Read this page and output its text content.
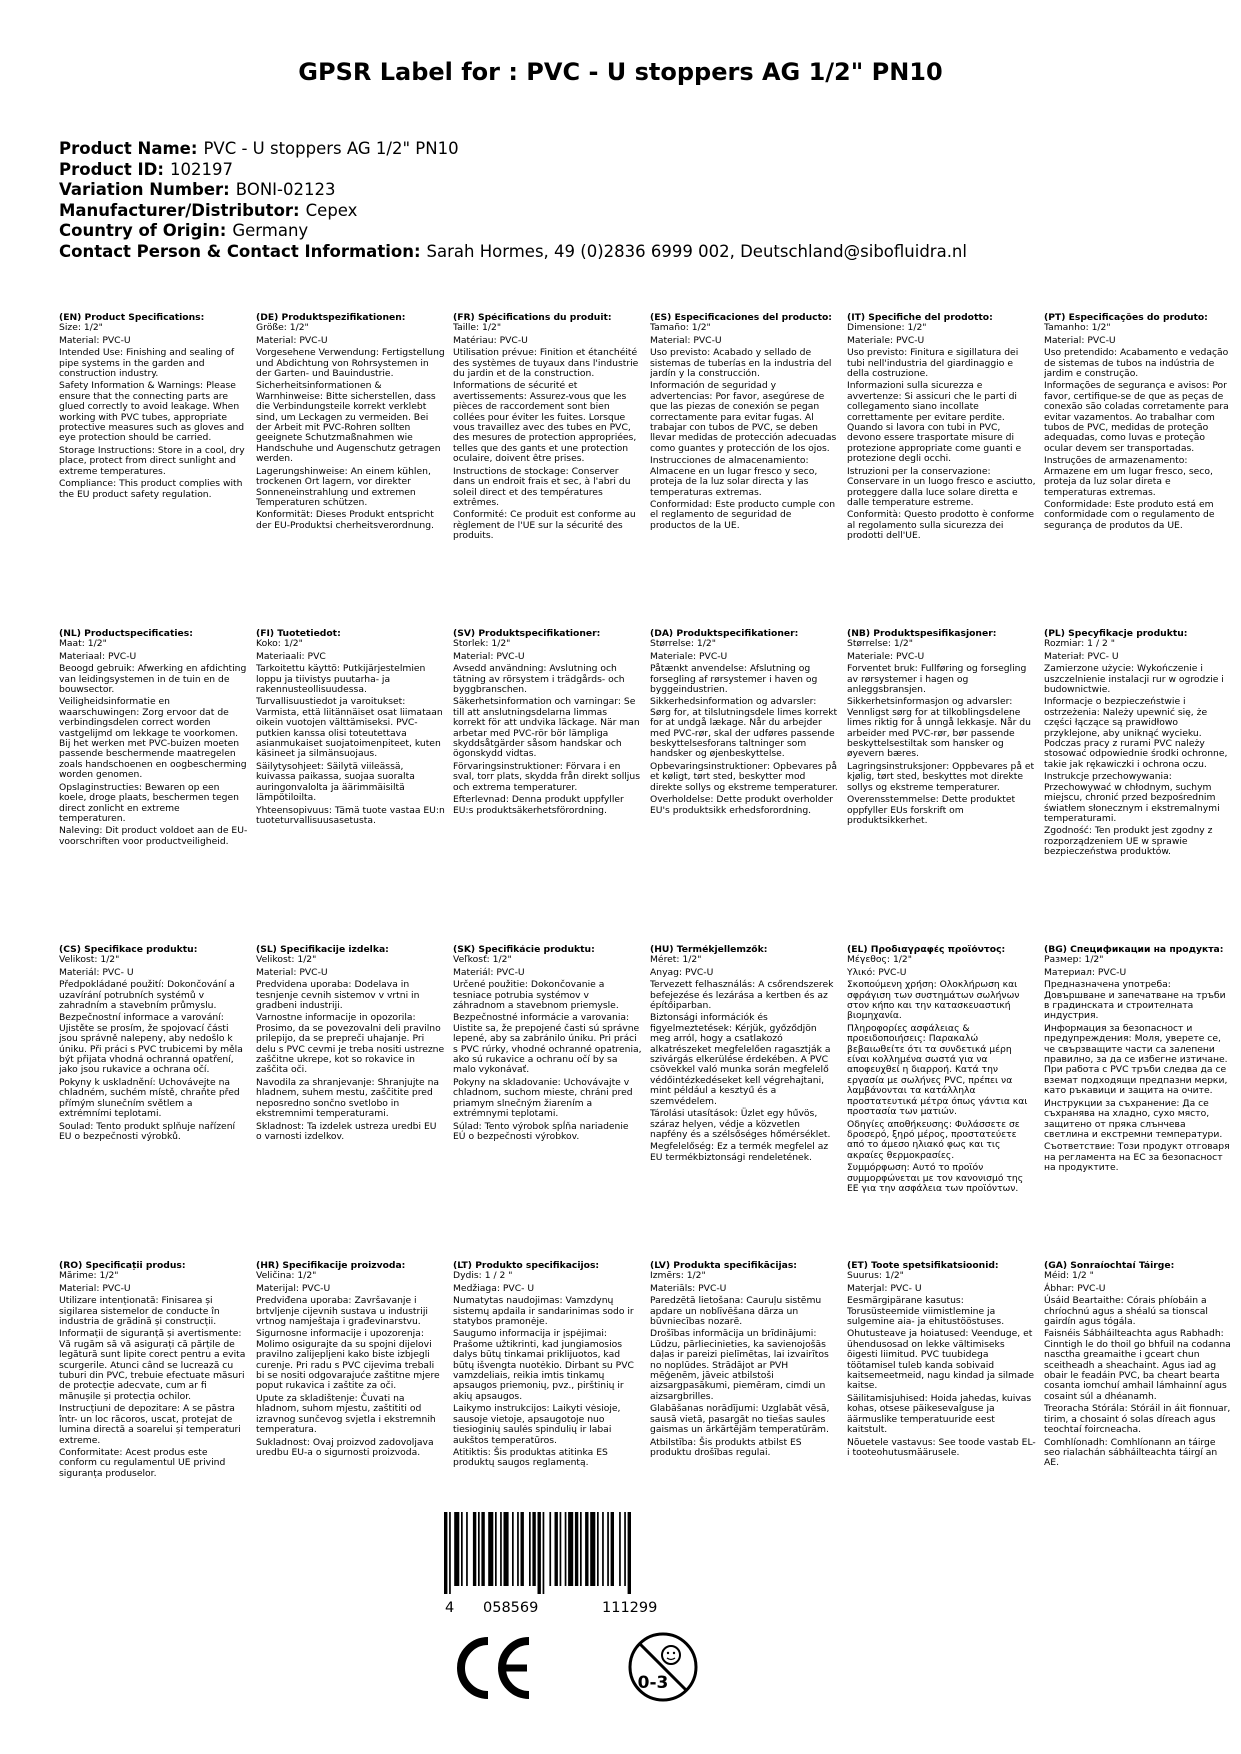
GPSR Label for : PVC - U stoppers AG 1/2" PN10
Product Name: PVC - U stoppers AG 1/2" PN10
Product ID: 102197
Variation Number: BONI-02123
Manufacturer/Distributor: Cepex
Country of Origin: Germany
Contact Person & Contact Information: Sarah Hormes, 49 (0)2836 6999 002, Deutschland@sibofluidra.nl
(EN) Product Specifications:

Size: 1/2"

Material: PVC-U

Intended Use: Finishing and sealing of pipe systems in the garden and construction industry.

Safety Information & Warnings: Please ensure that the connecting parts are glued correctly to avoid leakage. When working with PVC tubes, appropriate protective measures such as gloves and eye protection should be carried.

Storage Instructions: Store in a cool, dry place, protect from direct sunlight and extreme temperatures.

Compliance: This product complies with the EU product safety regulation.

(DE) Produktspezifikationen:

Größe: 1/2"

Material: PVC-U

Vorgesehene Verwendung: Fertigstellung und Abdichtung von Rohrsystemen in der Garten- und Bauindustrie.

Sicherheitsinformationen & Warnhinweise: Bitte sicherstellen, dass die Verbindungsteile korrekt verklebt sind, um Leckagen zu vermeiden. Bei der Arbeit mit PVC-Rohren sollten geeignete Schutzmaßnahmen wie Handschuhe und Augenschutz getragen werden.

Lagerungshinweise: An einem kühlen, trockenen Ort lagern, vor direkter Sonneneinstrahlung und extremen Temperaturen schützen.

Konformität: Dieses Produkt entspricht der EU-Produktsi cherheitsverordnung.

(FR) Spécifications du produit:

Taille: 1/2"

Matériau: PVC-U

Utilisation prévue: Finition et étanchéité des systèmes de tuyaux dans l'industrie du jardin et de la construction.

Informations de sécurité et avertissements: Assurez-vous que les pièces de raccordement sont bien collées pour éviter les fuites. Lorsque vous travaillez avec des tubes en PVC, des mesures de protection appropriées, telles que des gants et une protection oculaire, doivent être prises.

Instructions de stockage: Conserver dans un endroit frais et sec, à l'abri du soleil direct et des températures extrêmes.

Conformité: Ce produit est conforme au règlement de l'UE sur la sécurité des produits.

(ES) Especificaciones del producto:

Tamaño: 1/2"

Material: PVC-U

Uso previsto: Acabado y sellado de sistemas de tuberías en la industria del jardín y la construcción.

Información de seguridad y advertencias: Por favor, asegúrese de que las piezas de conexión se pegan correctamente para evitar fugas. Al trabajar con tubos de PVC, se deben llevar medidas de protección adecuadas como guantes y protección de los ojos.

Instrucciones de almacenamiento: Almacene en un lugar fresco y seco, proteja de la luz solar directa y las temperaturas extremas.

Conformidad: Este producto cumple con el reglamento de seguridad de productos de la UE.

(IT) Specifiche del prodotto:

Dimensione: 1/2"

Materiale: PVC-U

Uso previsto: Finitura e sigillatura dei tubi nell'industria del giardinaggio e della costruzione.

Informazioni sulla sicurezza e avvertenze: Si assicuri che le parti di collegamento siano incollate correttamente per evitare perdite. Quando si lavora con tubi in PVC, devono essere trasportate misure di protezione appropriate come guanti e protezione degli occhi.

Istruzioni per la conservazione: Conservare in un luogo fresco e asciutto, proteggere dalla luce solare diretta e dalle temperature estreme.

Conformità: Questo prodotto è conforme al regolamento sulla sicurezza dei prodotti dell'UE.

(PT) Especificações do produto:

Tamanho: 1/2"

Material: PVC-U

Uso pretendido: Acabamento e vedação de sistemas de tubos na indústria de jardim e construção.

Informações de segurança e avisos: Por favor, certifique-se de que as peças de conexão são coladas corretamente para evitar vazamentos. Ao trabalhar com tubos de PVC, medidas de proteção adequadas, como luvas e proteção ocular devem ser transportadas.

Instruções de armazenamento: Armazene em um lugar fresco, seco, proteja da luz solar direta e temperaturas extremas.

Conformidade: Este produto está em conformidade com o regulamento de segurança de produtos da UE.

(NL) Productspecificaties:

Maat: 1/2"

Materiaal: PVC-U

Beoogd gebruik: Afwerking en afdichting van leidingsystemen in de tuin en de bouwsector.

Veiligheidsinformatie en waarschuwingen: Zorg ervoor dat de verbindingsdelen correct worden vastgelijmd om lekkage te voorkomen. Bij het werken met PVC-buizen moeten passende beschermende maatregelen zoals handschoenen en oogbescherming worden genomen.

Opslaginstructies: Bewaren op een koele, droge plaats, beschermen tegen direct zonlicht en extreme temperaturen.

Naleving: Dit product voldoet aan de EU-voorschriften voor productveiligheid.

(FI) Tuotetiedot:

Koko: 1/2"

Materiaali: PVC

Tarkoitettu käyttö: Putkijärjestelmien loppu ja tiivistys puutarha- ja rakennusteollisuudessa.

Turvallisuustiedot ja varoitukset: Varmista, että liitännäiset osat liimataan oikein vuotojen välttämiseksi. PVC-putkien kanssa olisi toteutettava asianmukaiset suojatoimenpiteet, kuten käsineet ja silmänsuojaus.

Säilytysohjeet: Säilytä viileässä, kuivassa paikassa, suojaa suoralta auringonvalolta ja äärimmäisiltä lämpötiloilta.

Yhteensopivuus: Tämä tuote vastaa EU:n tuoteturvallisuusasetusta.

(SV) Produktspecifikationer:

Storlek: 1/2"

Material: PVC-U

Avsedd användning: Avslutning och tätning av rörsystem i trädgårds- och byggbranschen.

Säkerhetsinformation och varningar: Se till att anslutningsdelarna limmas korrekt för att undvika läckage. När man arbetar med PVC-rör bör lämpliga skyddsåtgärder såsom handskar och ögonskydd vidtas.

Förvaringsinstruktioner: Förvara i en sval, torr plats, skydda från direkt solljus och extrema temperaturer.

Efterlevnad: Denna produkt uppfyller EU:s produktsäkerhetsförordning.

(DA) Produktspecifikationer:

Størrelse: 1/2"

Materiale: PVC-U

Påtænkt anvendelse: Afslutning og forsegling af rørsystemer i haven og byggeindustrien.

Sikkerhedsinformation og advarsler: Sørg for, at tilslutningsdele limes korrekt for at undgå lækage. Når du arbejder med PVC-rør, skal der udføres passende beskyttelsesforans taltninger som handsker og øjenbeskyttelse.

Opbevaringsinstruktioner: Opbevares på et køligt, tørt sted, beskytter mod direkte sollys og ekstreme temperaturer.

Overholdelse: Dette produkt overholder EU's produktsikk erhedsforordning.

(NB) Produktspesifikasjoner:

Størrelse: 1/2"

Materiale: PVC-U

Forventet bruk: Fullføring og forsegling av rørsystemer i hagen og anleggsbransjen.

Sikkerhetsinformasjon og advarsler: Vennligst sørg for at tilkoblingsdelene limes riktig for å unngå lekkasje. Når du arbeider med PVC-rør, bør passende beskyttelsestiltak som hansker og øyevern bæres.

Lagringsinstruksjoner: Oppbevares på et kjølig, tørt sted, beskyttes mot direkte sollys og ekstreme temperaturer.

Overensstemmelse: Dette produktet oppfyller EUs forskrift om produktsikkerhet.

(PL) Specyfikacje produktu:

Rozmiar: 1 / 2 "

Materiał: PVC- U

Zamierzone użycie: Wykończenie i uszczelnienie instalacji rur w ogrodzie i budownictwie.

Informacje o bezpieczeństwie i ostrzeżenia: Należy upewnić się, że części łączące są prawidłowo przyklejone, aby uniknąć wycieku. Podczas pracy z rurami PVC należy stosować odpowiednie środki ochronne, takie jak rękawiczki i ochrona oczu.

Instrukcje przechowywania: Przechowywać w chłodnym, suchym miejscu, chronić przed bezpośrednim światłem słonecznym i ekstremalnymi temperaturami.

Zgodność: Ten produkt jest zgodny z rozporządzeniem UE w sprawie bezpieczeństwa produktów.

(CS) Specifikace produktu:

Velikost: 1/2"

Materiál: PVC- U

Předpokládané použití: Dokončování a uzavírání potrubních systémů v zahradním a stavebním průmyslu.

Bezpečnostní informace a varování: Ujistěte se prosím, že spojovací části jsou správně nalepeny, aby nedošlo k úniku. Při práci s PVC trubicemi by měla být přijata vhodná ochranná opatření, jako jsou rukavice a ochrana očí.

Pokyny k uskladnění: Uchovávejte na chladném, suchém místě, chraňte před přímým slunečním světlem a extrémními teplotami.

Soulad: Tento produkt splňuje nařízení EU o bezpečnosti výrobků.

(SL) Specifikacije izdelka:

Velikost: 1/2"

Material: PVC-U

Predvidena uporaba: Dodelava in tesnjenje cevnih sistemov v vrtni in gradbeni industriji.

Varnostne informacije in opozorila: Prosimo, da se povezovalni deli pravilno prilepijo, da se prepreči uhajanje. Pri delu s PVC cevmi je treba nositi ustrezne zaščitne ukrepe, kot so rokavice in zaščita oči.

Navodila za shranjevanje: Shranjujte na hladnem, suhem mestu, zaščitite pred neposredno sončno svetlobo in ekstremnimi temperaturami.

Skladnost: Ta izdelek ustreza uredbi EU o varnosti izdelkov.

(SK) Špecifikácie produktu:

Veľkosť: 1/2"

Materiál: PVC-U

Určené použitie: Dokončovanie a tesniace potrubia systémov v záhradnom a stavebnom priemysle.

Bezpečnostné informácie a varovania: Uistite sa, že prepojené časti sú správne lepené, aby sa zabránilo úniku. Pri práci s PVC rúrky, vhodné ochranné opatrenia, ako sú rukavice a ochranu očí by sa malo vykonávať.

Pokyny na skladovanie: Uchovávajte v chladnom, suchom mieste, chráni pred priamym slnečným žiarením a extrémnymi teplotami.

Súlad: Tento výrobok spĺňa nariadenie EÚ o bezpečnosti výrobkov.

(HU) Termékjellemzők:

Méret: 1/2"

Anyag: PVC-U

Tervezett felhasználás: A csőrendszerek befejezése és lezárása a kertben és az építőiparban.

Biztonsági információk és figyelmeztetések: Kérjük, győződjön meg arról, hogy a csatlakozó alkatrészeket megfelelően ragasztják a szivárgás elkerülése érdekében. A PVC csövekkel való munka során megfelelő védőintézkedéseket kell végrehajtani, mint például a kesztyű és a szemvédelem.

Tárolási utasítások: Üzlet egy hűvös, száraz helyen, védje a közvetlen napfény és a szélsőséges hőmérséklet.

Megfelelőség: Ez a termék megfelel az EU termékbiztonsági rendeletének.

(EL) Προδιαγραφές προϊόντος:

Μέγεθος: 1/2"

Υλικό: PVC-U

Σκοπούμενη χρήση: Ολοκλήρωση και σφράγιση των συστημάτων σωλήνων στον κήπο και την κατασκευαστική βιομηχανία.

Πληροφορίες ασφάλειας & προειδοποιήσεις: Παρακαλώ βεβαιωθείτε ότι τα συνδετικά μέρη είναι κολλημένα σωστά για να αποφευχθεί η διαρροή. Κατά την εργασία με σωλήνες PVC, πρέπει να λαμβάνονται τα κατάλληλα προστατευτικά μέτρα όπως γάντια και προστασία των ματιών.

Οδηγίες αποθήκευσης: Φυλάσσετε σε δροσερό, ξηρό μέρος, προστατεύετε από το άμεσο ηλιακό φως και τις ακραίες θερμοκρασίες.

Συμμόρφωση: Αυτό το προϊόν συμμορφώνεται με τον κανονισμό της ΕΕ για την ασφάλεια των προϊόντων.

(BG) Спецификации на продукта:

Размер: 1/2"

Материал: PVC-U

Предназначена употреба: Довършване и запечатване на тръби в градинската и строителната индустрия.

Информация за безопасност и предупреждения: Моля, уверете се, че свързващите части са залепени правилно, за да се избегне изтичане. При работа с PVC тръби следва да се вземат подходящи предпазни мерки, като ръкавици и защита на очите.

Инструкции за съхранение: Да се съхранява на хладно, сухо място, защитено от пряка слънчева светлина и екстремни температури.

Съответствие: Този продукт отговаря на регламента на ЕС за безопасност на продуктите.

(RO) Specificații produs:

Mărime: 1/2"

Material: PVC-U

Utilizare intenționată: Finisarea și sigilarea sistemelor de conducte în industria de grădină și construcții.

Informații de siguranță și avertismente: Vă rugăm să vă asigurați că părțile de legătură sunt lipite corect pentru a evita scurgerile. Atunci când se lucrează cu tuburi din PVC, trebuie efectuate măsuri de protecție adecvate, cum ar fi mănușile și protecția ochilor.

Instrucțiuni de depozitare: A se păstra într- un loc răcoros, uscat, protejat de lumina directă a soarelui și temperaturi extreme.

Conformitate: Acest produs este conform cu regulamentul UE privind siguranța produselor.

(HR) Specifikacije proizvoda:

Veličina: 1/2"

Materijal: PVC-U

Predviđena uporaba: Završavanje i brtvljenje cijevnih sustava u industriji vrtnog namještaja i građevinarstvu.

Sigurnosne informacije i upozorenja: Molimo osigurajte da su spojni dijelovi pravilno zalijepljeni kako biste izbjegli curenje. Pri radu s PVC cijevima trebali bi se nositi odgovarajuće zaštitne mjere poput rukavica i zaštite za oči.

Upute za skladištenje: Čuvati na hladnom, suhom mjestu, zaštititi od izravnog sunčevog svjetla i ekstremnih temperatura.

Sukladnost: Ovaj proizvod zadovoljava uredbu EU-a o sigurnosti proizvoda.

(LT) Produkto specifikacijos:

Dydis: 1 / 2 "

Medžiaga: PVC- U

Numatytas naudojimas: Vamzdynų sistemų apdaila ir sandarinimas sodo ir statybos pramonėje.

Saugumo informacija ir įspėjimai: Prašome užtikrinti, kad jungiamosios dalys būtų tinkamai priklijuotos, kad būtų išvengta nuotėkio. Dirbant su PVC vamzdeliais, reikia imtis tinkamų apsaugos priemonių, pvz., pirštinių ir akių apsaugos.

Laikymo instrukcijos: Laikyti vėsioje, sausoje vietoje, apsaugotoje nuo tiesioginių saulės spindulių ir labai aukštos temperatūros.

Atitiktis: Šis produktas atitinka ES produktų saugos reglamentą.

(LV) Produkta specifikācijas:

Izmērs: 1/2"

Materiāls: PVC-U

Paredzētā lietošana: Cauruļu sistēmu apdare un noblīvēšana dārza un būvniecības nozarē.

Drošības informācija un brīdinājumi: Lūdzu, pārliecinieties, ka savienojošās daļas ir pareizi pielīmētas, lai izvairītos no noplūdes. Strādājot ar PVH mēģenēm, jāveic atbilstoši aizsargpasākumi, piemēram, cimdi un aizsargbrilles.

Glabāšanas norādījumi: Uzglabāt vēsā, sausā vietā, pasargāt no tiešas saules gaismas un ārkārtējām temperatūrām.

Atbilstība: Šis produkts atbilst ES produktu drošības regulai.

(ET) Toote spetsifikatsioonid:

Suurus: 1/2"

Materjal: PVC- U

Eesmärgipärane kasutus: Torusüsteemide viimistlemine ja sulgemine aia- ja ehitustööstuses.

Ohutusteave ja hoiatused: Veenduge, et ühendusosad on lekke vältimiseks õigesti liimitud. PVC tuubidega töötamisel tuleb kanda sobivaid kaitsemeetmeid, nagu kindad ja silmade kaitse.

Säilitamisjuhised: Hoida jahedas, kuivas kohas, otsese päikesevalguse ja äärmuslike temperatuuride eest kaitstult.

Nõuetele vastavus: See toode vastab EL-i tooteohutusmäärusele.

(GA) Sonraíochtaí Táirge:

Méid: 1/2 "

Ábhar: PVC-U

Úsáid Beartaithe: Córais phíobáin a chríochnú agus a shéalú sa tionscal gairdín agus tógála.

Faisnéis Sábháilteachta agus Rabhadh: Cinntigh le do thoil go bhfuil na codanna nasctha greamaithe i gceart chun sceitheadh a sheachaint. Agus iad ag obair le feadáin PVC, ba cheart bearta cosanta iomchuí amhail lámhainní agus cosaint súl a dhéanamh.

Treoracha Stórála: Stóráil in áit fionnuar, tirim, a chosaint ó solas díreach agus teochtaí foircneacha.

Comhlíonadh: Comhlíonann an táirge seo rialachán sábháilteachta táirgí an AE.

4 058569	111299
0-3
